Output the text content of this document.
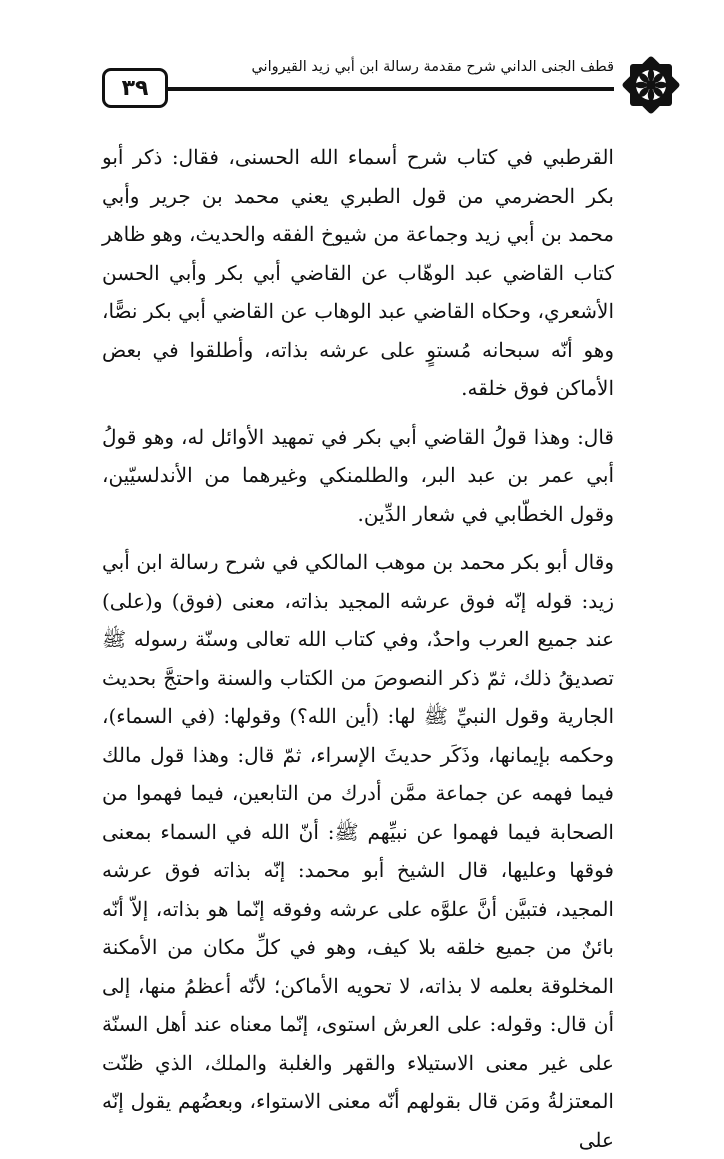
٣٩
قطف الجنى الداني شرح مقدمة رسالة ابن أبي زيد القيرواني

القرطبي في كتاب شرح أسماء الله الحسنى، فقال: ذكر أبو بكر الحضرمي من قول الطبري يعني محمد بن جرير وأبي محمد بن أبي زيد وجماعة من شيوخ الفقه والحديث، وهو ظاهر كتاب القاضي عبد الوهّاب عن القاضي أبي بكر وأبي الحسن الأشعري، وحكاه القاضي عبد الوهاب عن القاضي أبي بكر نصًّا، وهو أنّه سبحانه مُستوٍ على عرشه بذاته، وأطلقوا في بعض الأماكن فوق خلقه.

قال: وهذا قولُ القاضي أبي بكر في تمهيد الأوائل له، وهو قولُ أبي عمر بن عبد البر، والطلمنكي وغيرهما من الأندلسيّين، وقول الخطّابي في شعار الدِّين.

وقال أبو بكر محمد بن موهب المالكي في شرح رسالة ابن أبي زيد: قوله إنّه فوق عرشه المجيد بذاته، معنى (فوق) و(على) عند جميع العرب واحدٌ، وفي كتاب الله تعالى وسنّة رسوله ﷺ تصديقُ ذلك، ثمّ ذكر النصوصَ من الكتاب والسنة واحتجَّ بحديث الجارية وقول النبيِّ ﷺ لها: (أين الله؟) وقولها: (في السماء)، وحكمه بإيمانها، وذَكَر حديثَ الإسراء، ثمّ قال: وهذا قول مالك فيما فهمه عن جماعة ممَّن أدرك من التابعين، فيما فهموا من الصحابة فيما فهموا عن نبيِّهم ﷺ: أنّ الله في السماء بمعنى فوقها وعليها، قال الشيخ أبو محمد: إنّه بذاته فوق عرشه المجيد، فتبيَّن أنَّ علوَّه على عرشه وفوقه إنّما هو بذاته، إلاّ أنّه بائنٌ من جميع خلقه بلا كيف، وهو في كلِّ مكان من الأمكنة المخلوقة بعلمه لا بذاته، لا تحويه الأماكن؛ لأنّه أعظمُ منها، إلى أن قال: وقوله: على العرش استوى، إنّما معناه عند أهل السنّة على غير معنى الاستيلاء والقهر والغلبة والملك، الذي ظنّت المعتزلةُ ومَن قال بقولهم أنّه معنى الاستواء، وبعضُهم يقول إنّه على
